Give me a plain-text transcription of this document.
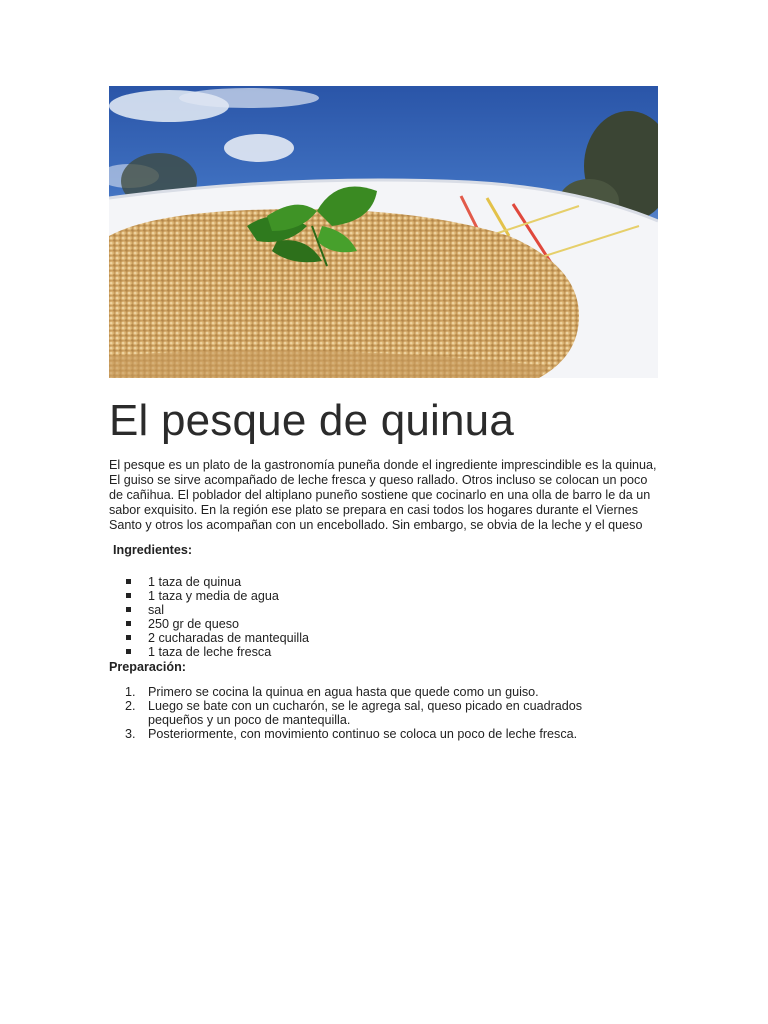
El pesque de quinua

El pesque es un plato de la gastronomía puneña donde el ingrediente imprescindible es la quinua, El guiso se sirve acompañado de leche fresca y queso rallado. Otros incluso se colocan un poco de cañihua. El poblador del altiplano puneño sostiene que cocinarlo en una olla de barro le da un sabor exquisito. En la región ese plato se prepara en casi todos los hogares durante el Viernes Santo y otros los acompañan con un encebollado. Sin embargo, se obvia de la leche y el queso

Ingredientes:
1 taza de quinua
1 taza y media de agua
sal
250 gr de queso
2 cucharadas de mantequilla
1 taza de leche fresca
Preparación:
1. Primero se cocina la quinua en agua hasta que quede como un guiso.
2. Luego se bate con un cucharón, se le agrega sal, queso picado en cuadrados pequeños y un poco de mantequilla.
3. Posteriormente, con movimiento continuo se coloca un poco de leche fresca.
